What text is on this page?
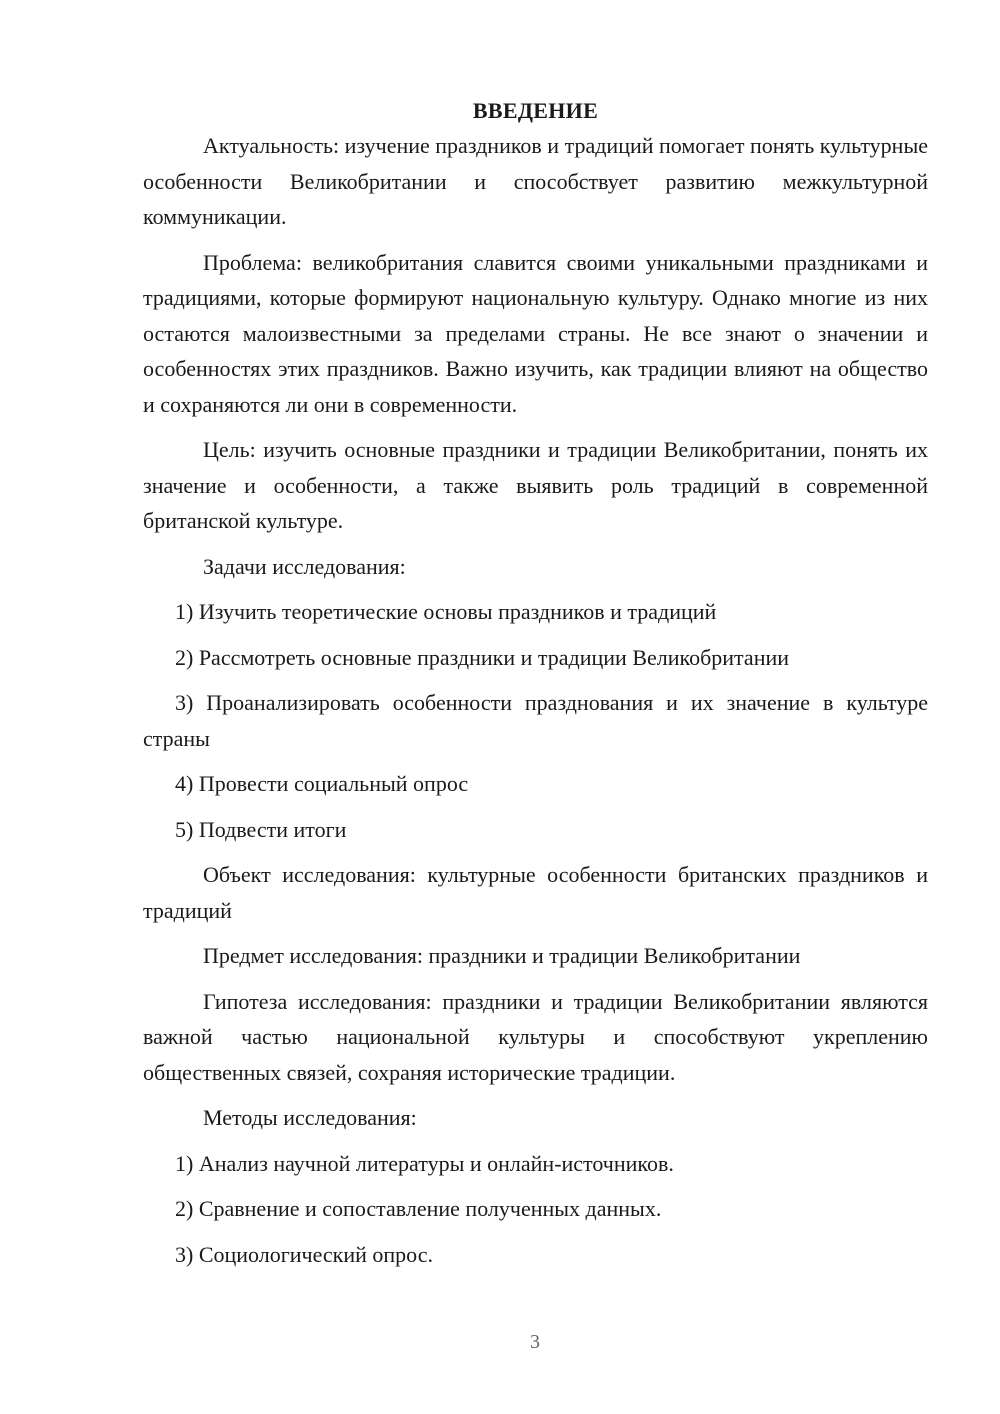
ВВЕДЕНИЕ

Актуальность: изучение праздников и традиций помогает понять культурные особенности Великобритании и способствует развитию межкультурной коммуникации.

Проблема: великобритания славится своими уникальными праздниками и традициями, которые формируют национальную культуру. Однако многие из них остаются малоизвестными за пределами страны. Не все знают о значении и особенностях этих праздников. Важно изучить, как традиции влияют на общество и сохраняются ли они в современности.

Цель: изучить основные праздники и традиции Великобритании, понять их значение и особенности, а также выявить роль традиций в современной британской культуре.

Задачи исследования:

1) Изучить теоретические основы праздников и традиций

2) Рассмотреть основные праздники и традиции Великобритании

3) Проанализировать особенности празднования и их значение в культуре страны

4) Провести социальный опрос

5) Подвести итоги

Объект исследования: культурные особенности британских праздников и традиций

Предмет исследования: праздники и традиции Великобритании

Гипотеза исследования: праздники и традиции Великобритании являются важной частью национальной культуры и способствуют укреплению общественных связей, сохраняя исторические традиции.

Методы исследования:

1) Анализ научной литературы и онлайн-источников.

2) Сравнение и сопоставление полученных данных.

3) Социологический опрос.

3
